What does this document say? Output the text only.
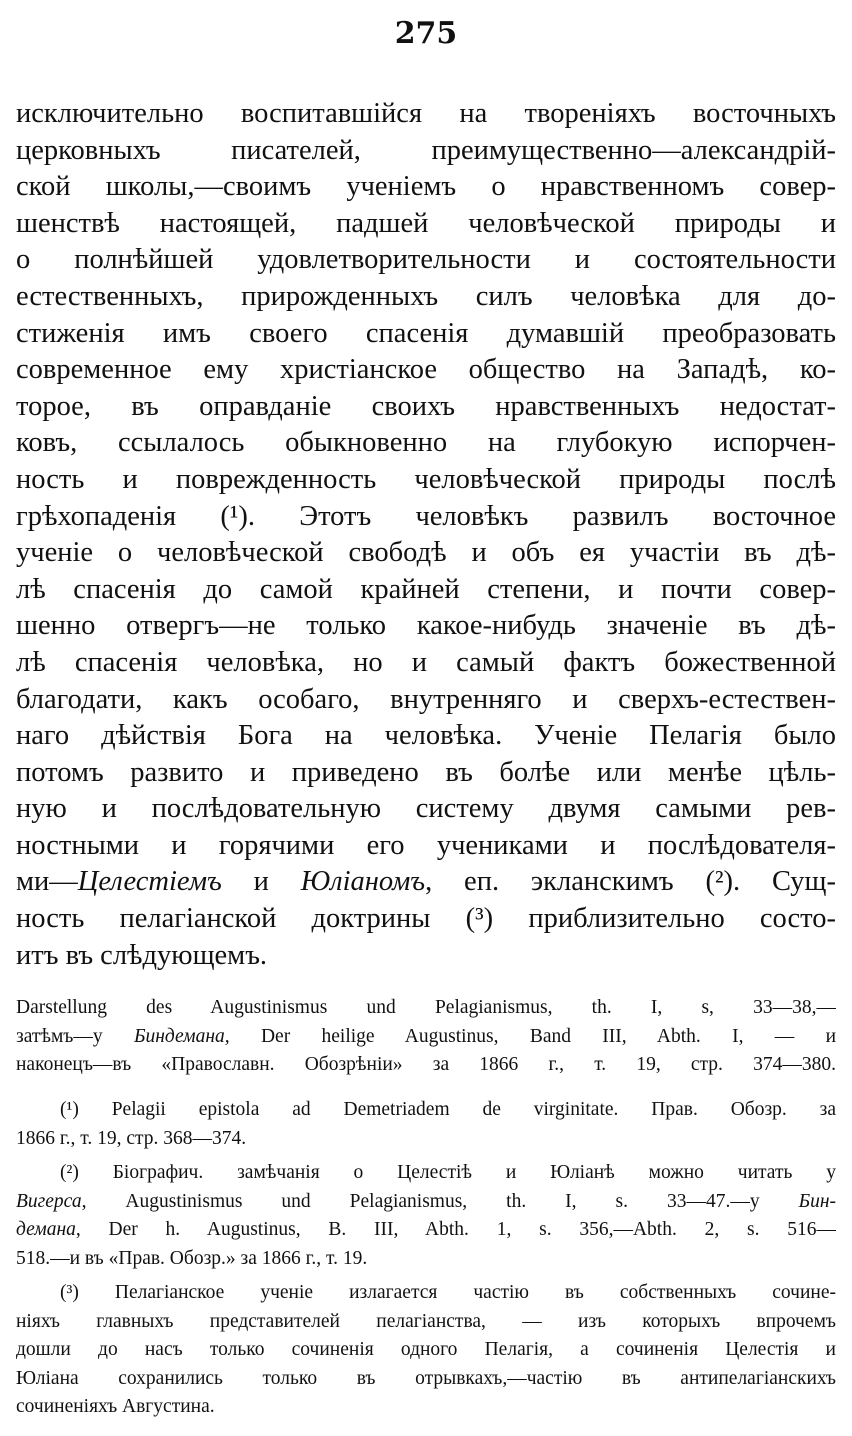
275
исключительно воспитавшійся на твореніяхъ восточныхъ
церковныхъ писателей, преимущественно—александрій-
ской школы,—своимъ ученіемъ о нравственномъ совер-
шенствѣ настоящей, падшей человѣческой природы и
о полнѣйшей удовлетворительности и состоятельности
естественныхъ, прирожденныхъ силъ человѣка для до-
стиженія имъ своего спасенія думавшій преобразовать
современное ему христіанское общество на Западѣ, ко-
торое, въ оправданіе своихъ нравственныхъ недостат-
ковъ, ссылалось обыкновенно на глубокую испорчен-
ность и поврежденность человѣческой природы послѣ
грѣхопаденія (¹). Этотъ человѣкъ развилъ восточное
ученіе о человѣческой свободѣ и объ ея участіи въ дѣ-
лѣ спасенія до самой крайней степени, и почти совер-
шенно отвергъ—не только какое-нибудь значеніе въ дѣ-
лѣ спасенія человѣка, но и самый фактъ божественной
благодати, какъ особаго, внутренняго и сверхъ-естествен-
наго дѣйствія Бога на человѣка. Ученіе Пелагія было
потомъ развито и приведено въ болѣе или менѣе цѣль-
ную и послѣдовательную систему двумя самыми рев-
ностными и горячими его учениками и послѣдователя-
ми—Целестіемъ и Юліаномъ, еп. экланскимъ (²). Сущ-
ность пелагіанской доктрины (³) приблизительно состо-
итъ въ слѣдующемъ.
Darstellung des Augustinismus und Pelagianismus, th. I, s, 33—38,—
затѣмъ—у Биндемана, Der heilige Augustinus, Band III, Abth. I, — и
наконецъ—въ «Православн. Обозрѣніи» за 1866 г., т. 19, стр. 374—380.
(¹) Pelagii epistola ad Demetriadem de virginitate. Прав. Обозр. за
1866 г., т. 19, стр. 368—374.
(²) Біографич. замѣчанія о Целестіѣ и Юліанѣ можно читать у
Вигерса, Augustinismus und Pelagianismus, th. I, s. 33—47.—у Бин-
демана, Der h. Augustinus, B. III, Abth. 1, s. 356,—Abth. 2, s. 516—
518.—и въ «Прав. Обозр.» за 1866 г., т. 19.
(³) Пелагіанское ученіе излагается частію въ собственныхъ сочине-
ніяхъ главныхъ представителей пелагіанства, — изъ которыхъ впрочемъ
дошли до насъ только сочиненія одного Пелагія, а сочиненія Целестія и
Юліана сохранились только въ отрывкахъ,—частію въ антипелагіанскихъ
сочиненіяхъ Августина.
